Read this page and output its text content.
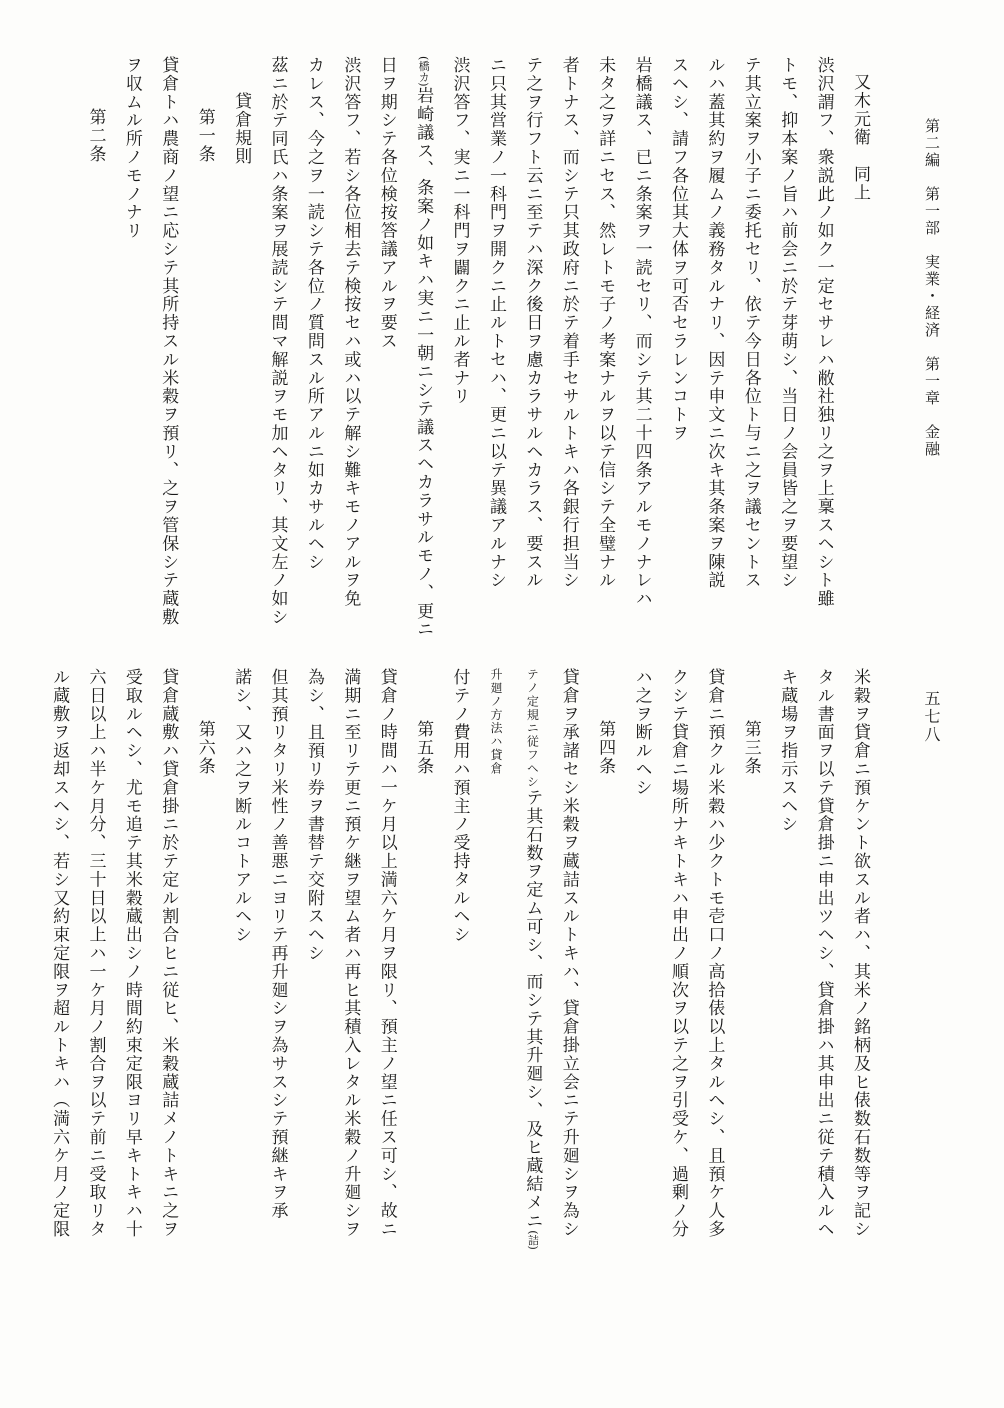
第二編　第一部　実業・経済　第一章　金融
五七八
又木元衛　同上
渋沢謂フ、衆説此ノ如ク一定セサレハ敝社独リ之ヲ上稟スヘシト雖
トモ、抑本案ノ旨ハ前会ニ於テ芽萌シ、当日ノ会員皆之ヲ要望シ
テ其立案ヲ小子ニ委托セリ、依テ今日各位ト与ニ之ヲ議セントス
ルハ蓋其約ヲ履ムノ義務タルナリ、因テ申文ニ次キ其条案ヲ陳説
スヘシ、請フ各位其大体ヲ可否セラレンコトヲ
岩橋議ス、已ニ条案ヲ一読セリ、而シテ其二十四条アルモノナレハ
未タ之ヲ詳ニセス、然レトモ子ノ考案ナルヲ以テ信シテ全璧ナル
者トナス、而シテ只其政府ニ於テ着手セサルトキハ各銀行担当シ
テ之ヲ行フト云ニ至テハ深ク後日ヲ慮カラサルヘカラス、要スル
ニ只其営業ノ一科門ヲ開クニ止ルトセハ、更ニ以テ異議アルナシ
渋沢答フ、実ニ一科門ヲ闢クニ止ル者ナリ
(橋カ)岩崎議ス、条案ノ如キハ実ニ一朝ニシテ議スヘカラサルモノ、更ニ
日ヲ期シテ各位検按答議アルヲ要ス
渋沢答フ、若シ各位相去テ検按セハ或ハ以テ解シ難キモノアルヲ免
カレス、今之ヲ一読シテ各位ノ質問スル所アルニ如カサルヘシ
茲ニ於テ同氏ハ条案ヲ展読シテ間マ解説ヲモ加ヘタリ、其文左ノ如シ
貸倉規則
第一条
貸倉トハ農商ノ望ニ応シテ其所持スル米穀ヲ預リ、之ヲ管保シテ蔵敷
ヲ収ムル所ノモノナリ
第二条
米穀ヲ貸倉ニ預ケント欲スル者ハ、其米ノ銘柄及ヒ俵数石数等ヲ記シ
タル書面ヲ以テ貸倉掛ニ申出ツヘシ、貸倉掛ハ其申出ニ従テ積入ルヘ
キ蔵場ヲ指示スヘシ
第三条
貸倉ニ預クル米穀ハ少クトモ壱口ノ高拾俵以上タルヘシ、且預ケ人多
クシテ貸倉ニ場所ナキトキハ申出ノ順次ヲ以テ之ヲ引受ケ、過剰ノ分
ハ之ヲ断ルヘシ
第四条
貸倉ヲ承諸セシ米穀ヲ蔵詰スルトキハ、貸倉掛立会ニテ升廻シヲ為シ
テノ定規ニ従フヘシテ其石数ヲ定ム可シ、而シテ其升廻シ、及ヒ蔵結メニ(詰)
升廻ノ方法ハ貸倉
付テノ費用ハ預主ノ受持タルヘシ
第五条
貸倉ノ時間ハ一ケ月以上満六ケ月ヲ限リ、預主ノ望ニ任ス可シ、故ニ
満期ニ至リテ更ニ預ケ継ヲ望ム者ハ再ヒ其積入レタル米穀ノ升廻シヲ
為シ、且預リ券ヲ書替テ交附スヘシ
但其預リタリ米性ノ善悪ニヨリテ再升廻シヲ為サスシテ預継キヲ承
諾シ、又ハ之ヲ断ルコトアルヘシ
第六条
貸倉蔵敷ハ貸倉掛ニ於テ定ル割合ヒニ従ヒ、米穀蔵詰メノトキニ之ヲ
受取ルヘシ、尤モ追テ其米穀蔵出シノ時間約束定限ヨリ早キトキハ十
六日以上ハ半ケ月分、三十日以上ハ一ケ月ノ割合ヲ以テ前ニ受取リタ
ル蔵敷ヲ返却スヘシ、若シ又約束定限ヲ超ルトキハ（満六ケ月ノ定限
